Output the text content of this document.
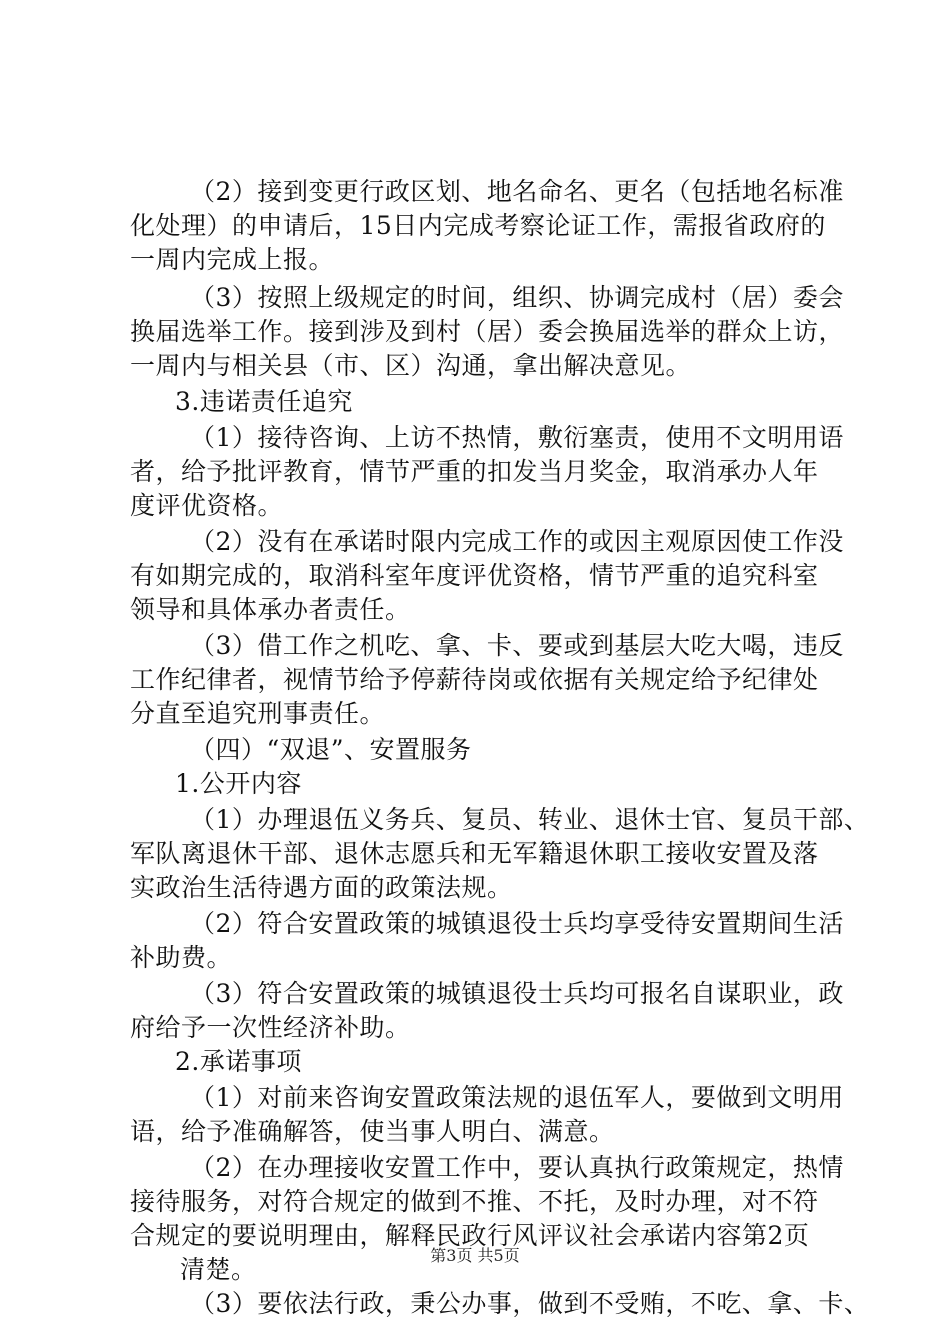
（2）接到变更行政区划、地名命名、更名（包括地名标准
化处理）的申请后，15日内完成考察论证工作，需报省政府的
一周内完成上报。
（3）按照上级规定的时间，组织、协调完成村（居）委会
换届选举工作。接到涉及到村（居）委会换届选举的群众上访，
一周内与相关县（市、区）沟通，拿出解决意见。
3.违诺责任追究
（1）接待咨询、上访不热情，敷衍塞责，使用不文明用语
者，给予批评教育，情节严重的扣发当月奖金，取消承办人年
度评优资格。
（2）没有在承诺时限内完成工作的或因主观原因使工作没
有如期完成的，取消科室年度评优资格，情节严重的追究科室
领导和具体承办者责任。
（3）借工作之机吃、拿、卡、要或到基层大吃大喝，违反
工作纪律者，视情节给予停薪待岗或依据有关规定给予纪律处
分直至追究刑事责任。
（四）“双退”、安置服务
1.公开内容
（1）办理退伍义务兵、复员、转业、退休士官、复员干部、
军队离退休干部、退休志愿兵和无军籍退休职工接收安置及落
实政治生活待遇方面的政策法规。
（2）符合安置政策的城镇退役士兵均享受待安置期间生活
补助费。
（3）符合安置政策的城镇退役士兵均可报名自谋职业，政
府给予一次性经济补助。
2.承诺事项
（1）对前来咨询安置政策法规的退伍军人，要做到文明用
语，给予准确解答，使当事人明白、满意。
（2）在办理接收安置工作中，要认真执行政策规定，热情
接待服务，对符合规定的做到不推、不托，及时办理，对不符
合规定的要说明理由，解释民政行风评议社会承诺内容第2页
清楚。
（3）要依法行政，秉公办事，做到不受贿，不吃、拿、卡、
第3页 共5页
